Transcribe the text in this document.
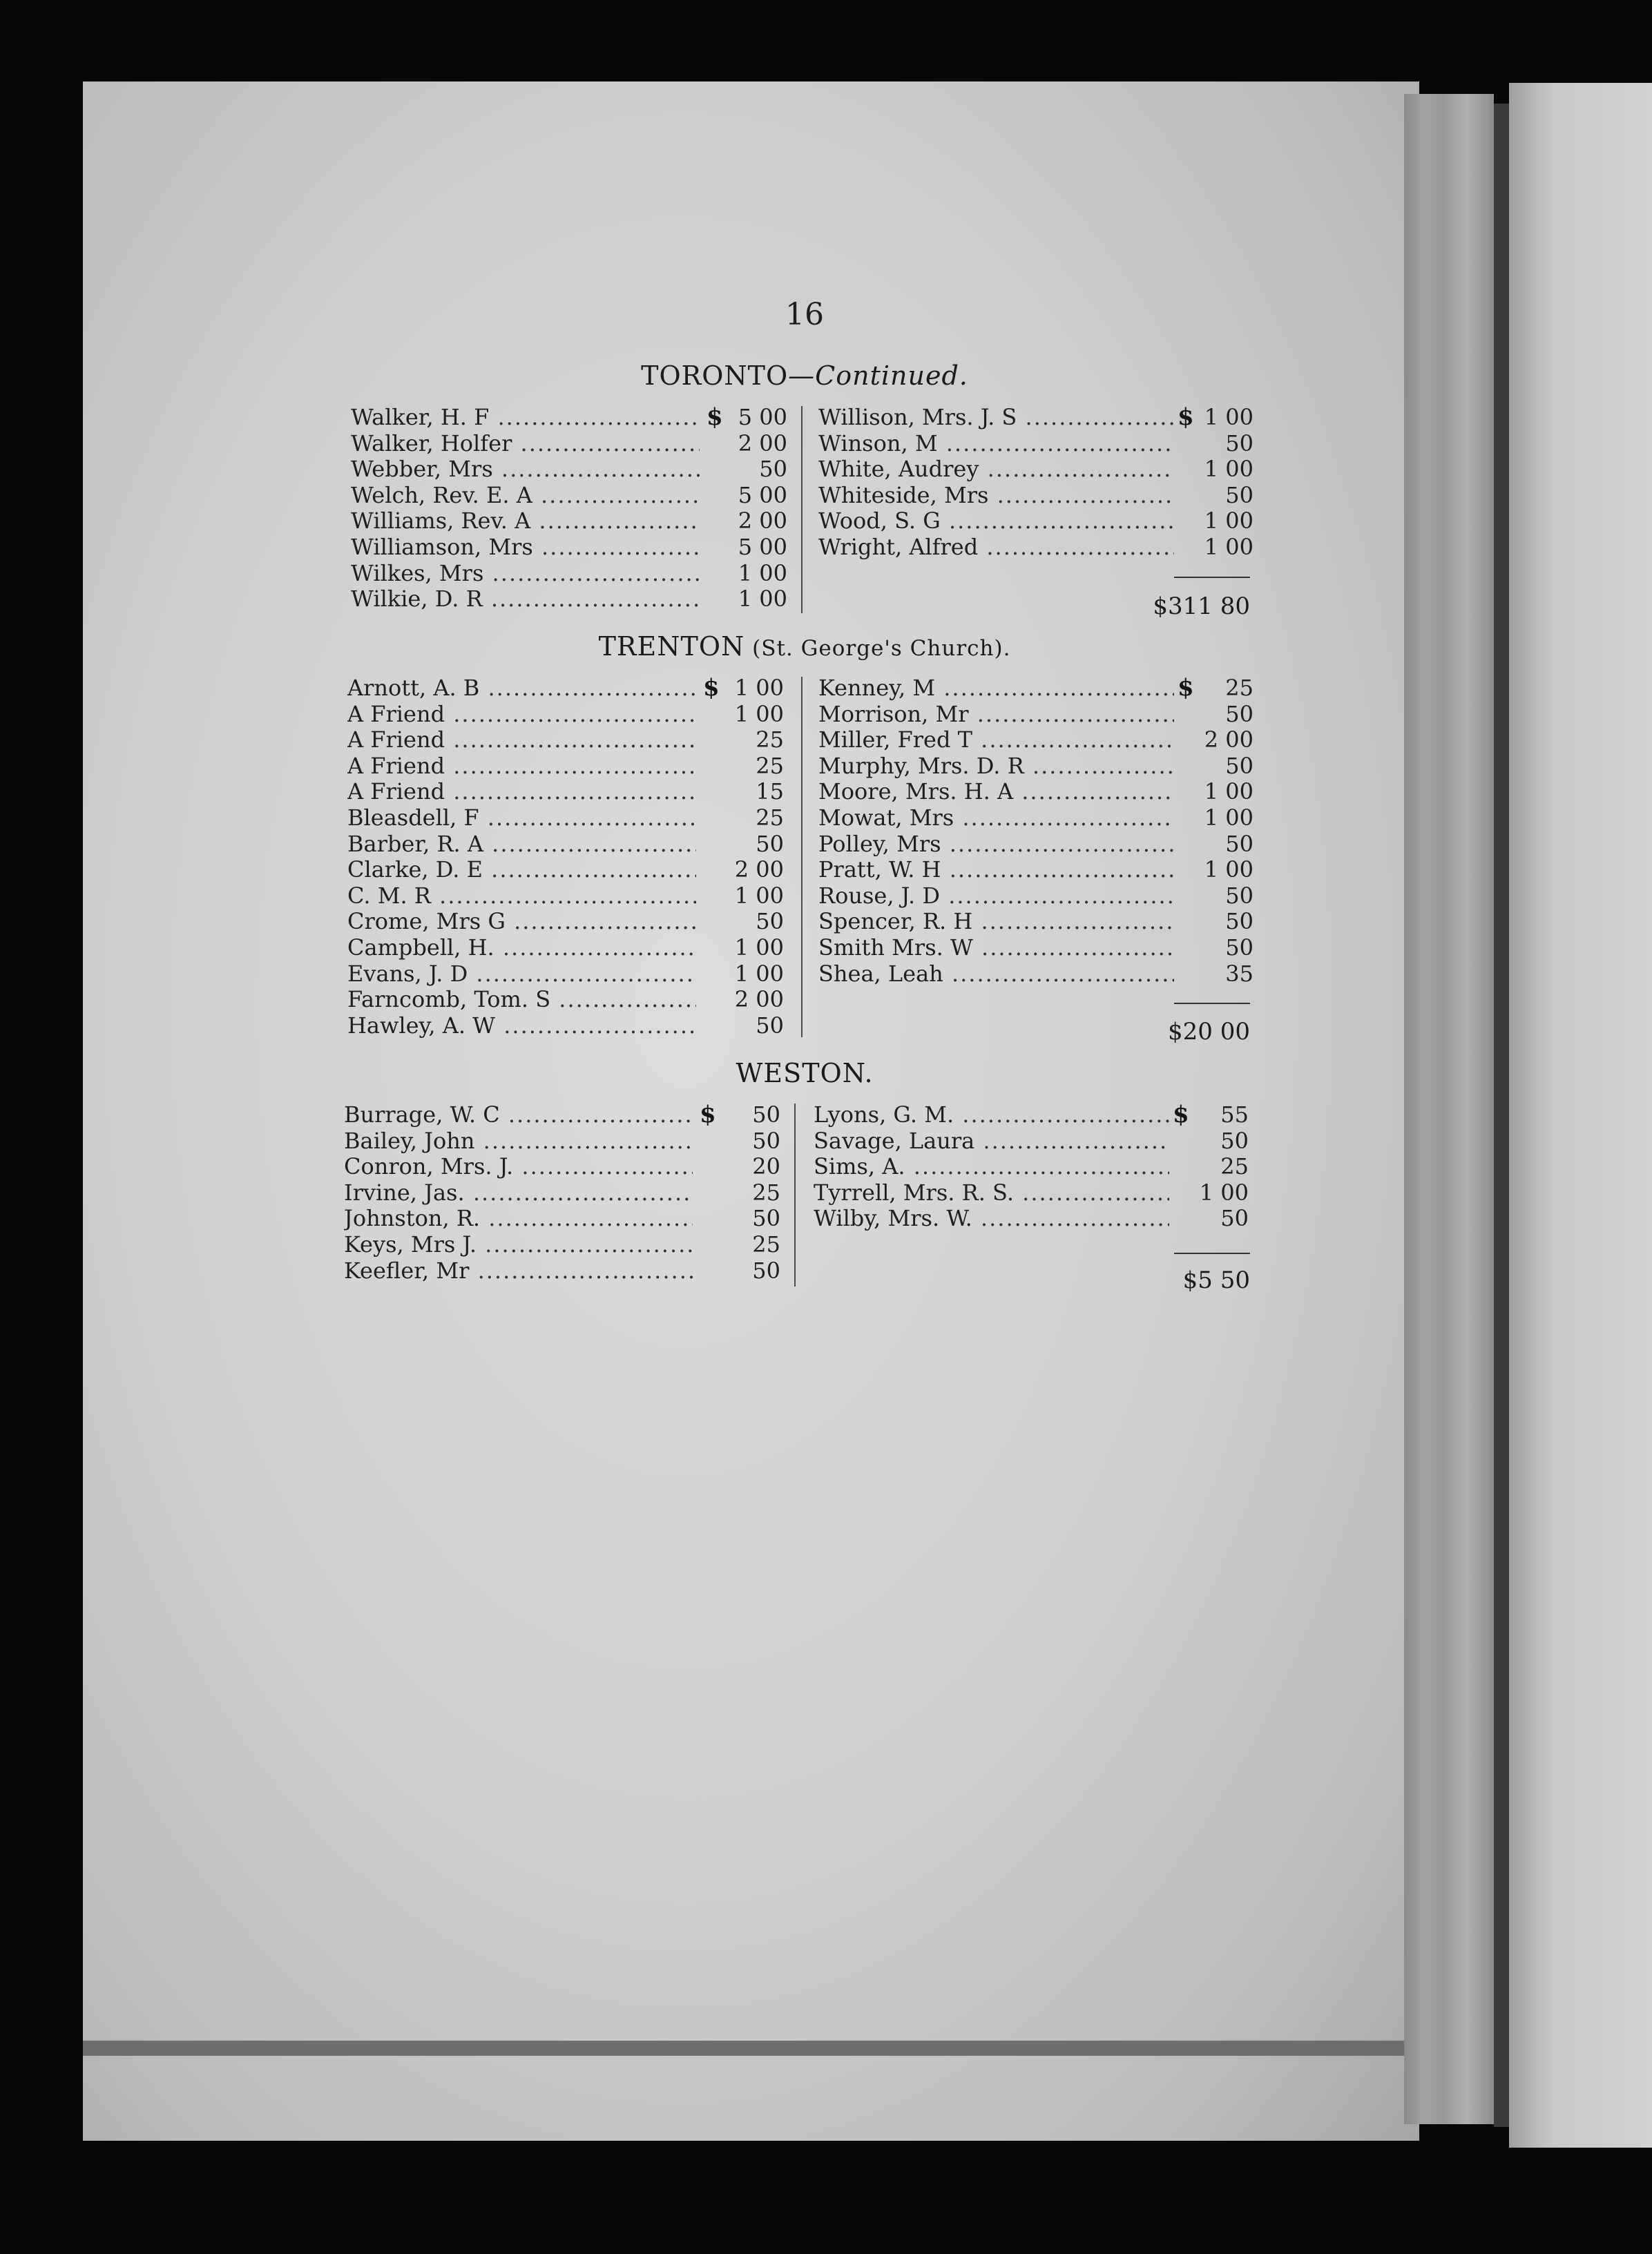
16
TORONTO—Continued.
Walker, H. F .....	$ 5 00
Walker, Holfer .....	2 00
Webber, Mrs .....	50
Welch, Rev. E. A .....	5 00
Williams, Rev. A .....	2 00
Williamson, Mrs .....	5 00
Wilkes, Mrs .....	1 00
Wilkie, D. R .....	1 00
Willison, Mrs. J. S .....	$ 1 00
Winson, M .....	50
White, Audrey .....	1 00
Whiteside, Mrs .....	50
Wood, S. G .....	1 00
Wright, Alfred .....	1 00
$311 80
TRENTON (St. George's Church).
Arnott, A. B .....	$ 1 00
A Friend .....	1 00
A Friend .....	25
A Friend .....	25
A Friend .....	15
Bleasdell, F .....	25
Barber, R. A .....	50
Clarke, D. E .....	2 00
C. M. R .....	1 00
Crome, Mrs G .....	50
Campbell, H. .....	1 00
Evans, J. D .....	1 00
Farncomb, Tom. S .....	2 00
Hawley, A. W .....	50
Kenney, M .....	$	25
Morrison, Mr .....	50
Miller, Fred T .....	2 00
Murphy, Mrs. D. R .....	50
Moore, Mrs. H. A .....	1 00
Mowat, Mrs .....	1 00
Polley, Mrs .....	50
Pratt, W. H .....	1 00
Rouse, J. D .....	50
Spencer, R. H .....	50
Smith Mrs. W .....	50
Shea, Leah .....	35
$20 00
WESTON.
Burrage, W. C .....	$	50
Bailey, John .....	50
Conron, Mrs. J. .....	20
Irvine, Jas. .....	25
Johnston, R. .....	50
Keys, Mrs J. .....	25
Keefler, Mr .....	50
Lyons, G. M. .....	$	55
Savage, Laura .....	50
Sims, A. .....	25
Tyrrell, Mrs. R. S. .....	1 00
Wilby, Mrs. W. .....	50
$5 50
